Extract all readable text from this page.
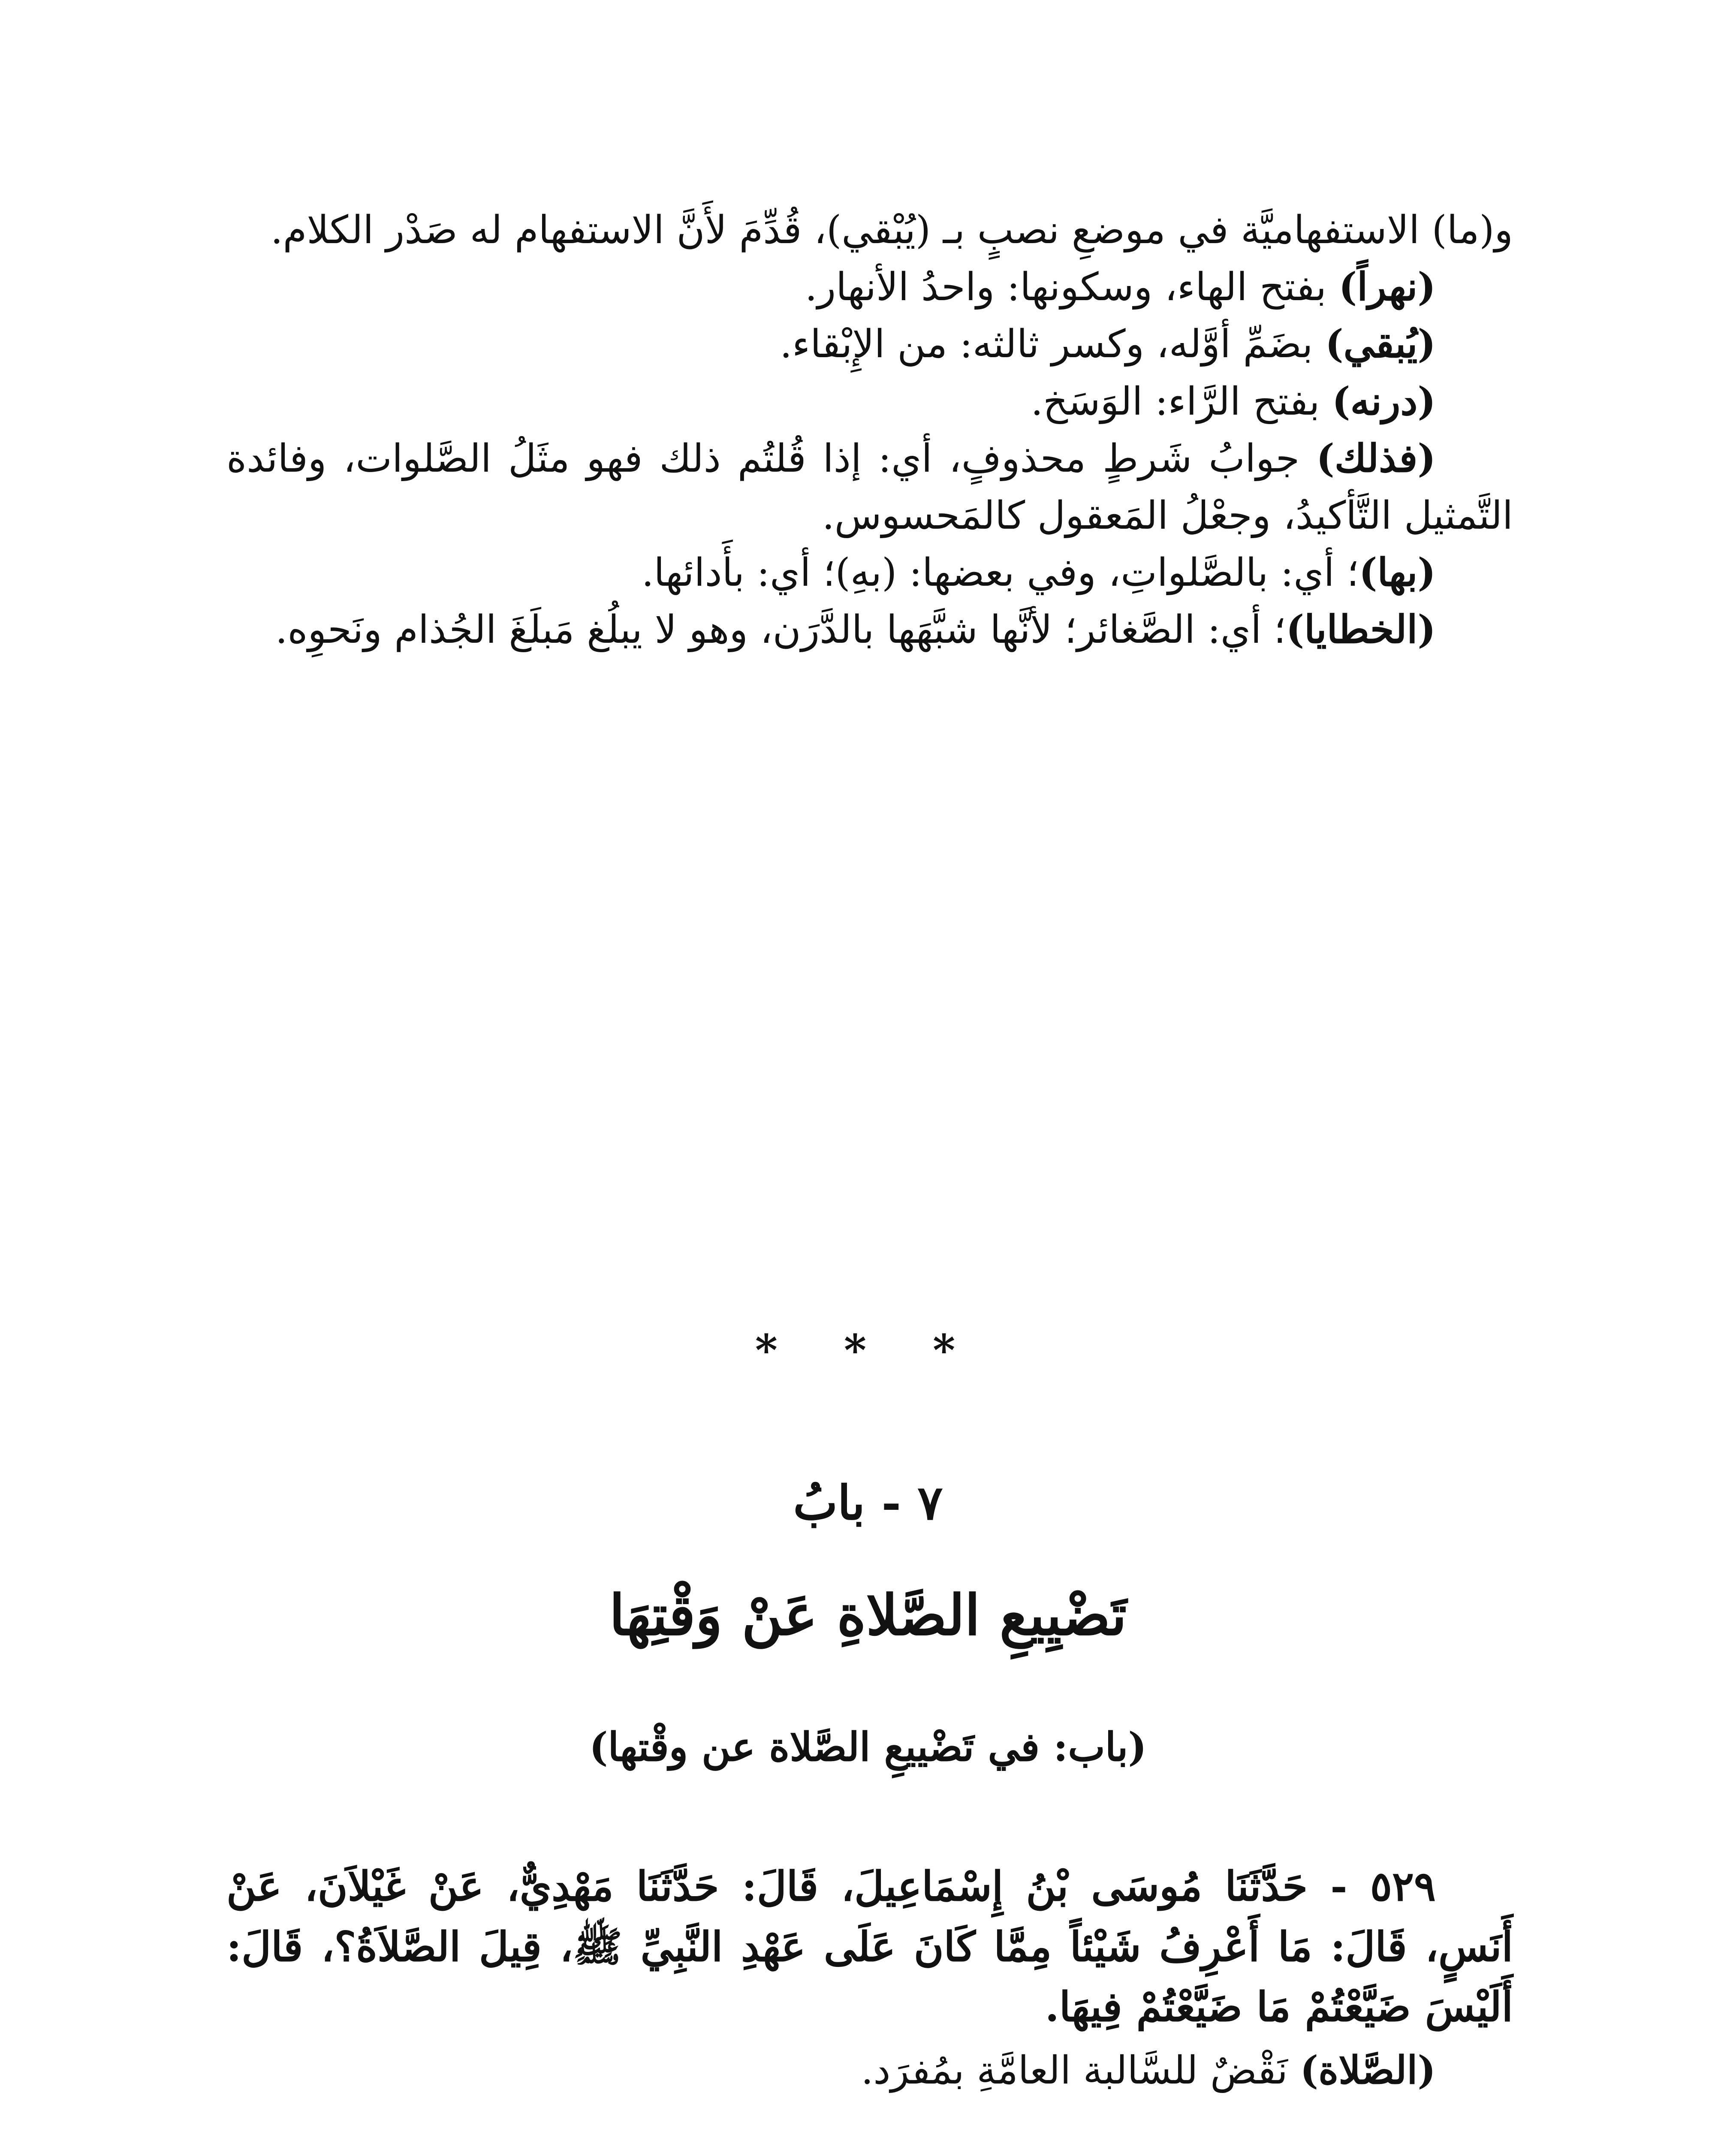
و(ما) الاستفهاميَّة في موضعِ نصبٍ بـ (يُبْقي)، قُدِّمَ لأَنَّ الاستفهام له صَدْر الكلام.

(نهراً) بفتح الهاء، وسكونها: واحدُ الأنهار.

(يُبقي) بضَمِّ أوَّله، وكسر ثالثه: من الإِبْقاء.

(درنه) بفتح الرَّاء: الوَسَخ.

(فذلك) جوابُ شَرطٍ محذوفٍ، أي: إذا قُلتُم ذلك فهو مثَلُ الصَّلوات، وفائدة التَّمثيل التَّأكيدُ، وجعْلُ المَعقول كالمَحسوس.

(بها)؛ أي: بالصَّلواتِ، وفي بعضها: (بهِ)؛ أي: بأَدائها.

(الخطايا)؛ أي: الصَّغائر؛ لأنَّها شبَّهَها بالدَّرَن، وهو لا يبلُغ مَبلَغَ الجُذام ونَحوِه.

* * *
٧ - بابُ
تَضْيِيعِ الصَّلاةِ عَنْ وَقْتِهَا
(باب: في تَضْييعِ الصَّلاة عن وقْتها)

٥٢٩ - حَدَّثَنَا مُوسَى بْنُ إِسْمَاعِيلَ، قَالَ: حَدَّثَنَا مَهْدِيٌّ، عَنْ غَيْلاَنَ، عَنْ أَنَسٍ، قَالَ: مَا أَعْرِفُ شَيْئاً مِمَّا كَانَ عَلَى عَهْدِ النَّبِيِّ ﷺ، قِيلَ الصَّلاَةُ؟، قَالَ: أَلَيْسَ ضَيَّعْتُمْ مَا ضَيَّعْتُمْ فِيهَا.

(الصَّلاة) نَقْضٌ للسَّالبة العامَّةِ بمُفرَد.
